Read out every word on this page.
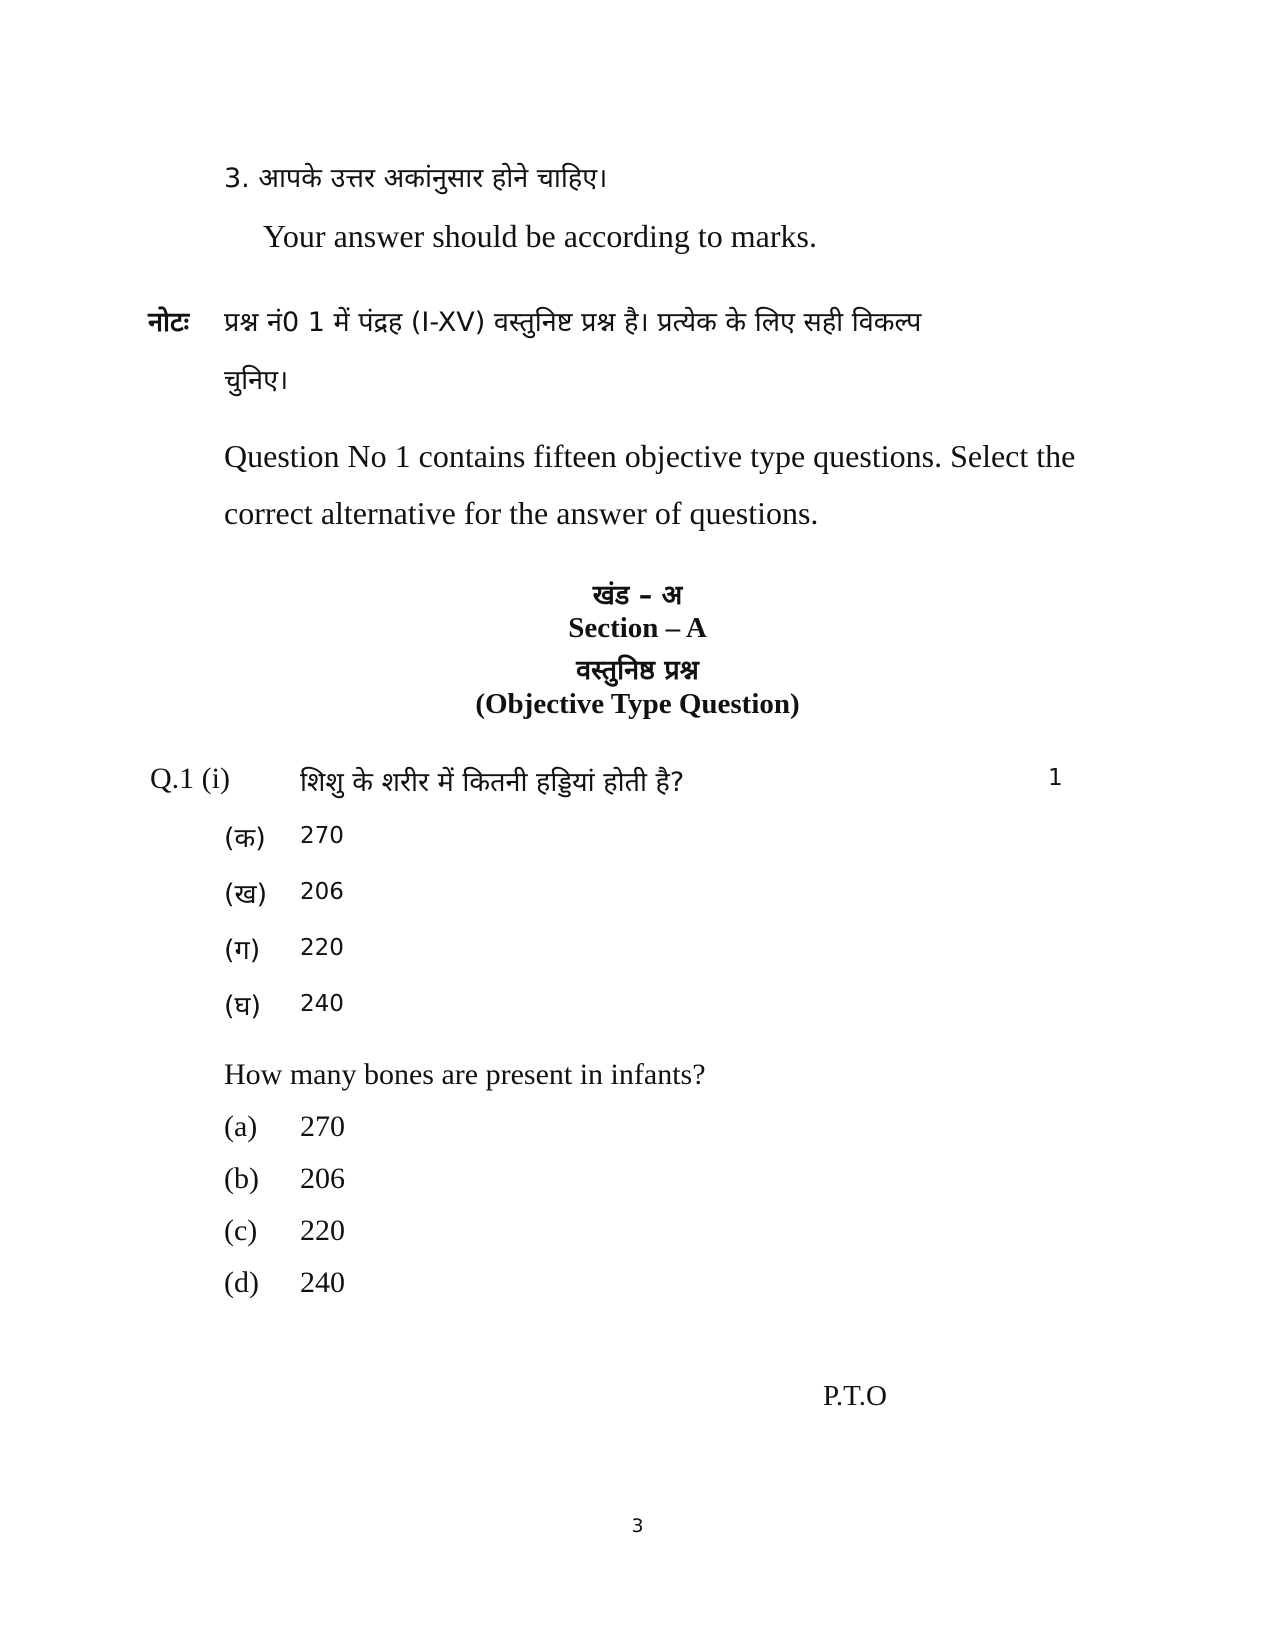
3. आपके उत्तर अकांनुसार होने चाहिए।
Your answer should be according to marks.
नोटः प्रश्न नं0 1 में पंद्रह (I-XV) वस्तुनिष्ट प्रश्न है। प्रत्येक के लिए सही विकल्प
चुनिए।
Question No 1 contains fifteen objective type questions. Select the
correct alternative for the answer of questions.
खंड – अ
Section – A
वस्तुनिष्ठ प्रश्न
(Objective Type Question)
Q.1 (i)	शिशु के शरीर में कितनी हड्डियां होती है?	1
(क) 270
(ख) 206
(ग) 220
(घ) 240
How many bones are present in infants?
(a) 270
(b) 206
(c) 220
(d) 240
P.T.O
3
